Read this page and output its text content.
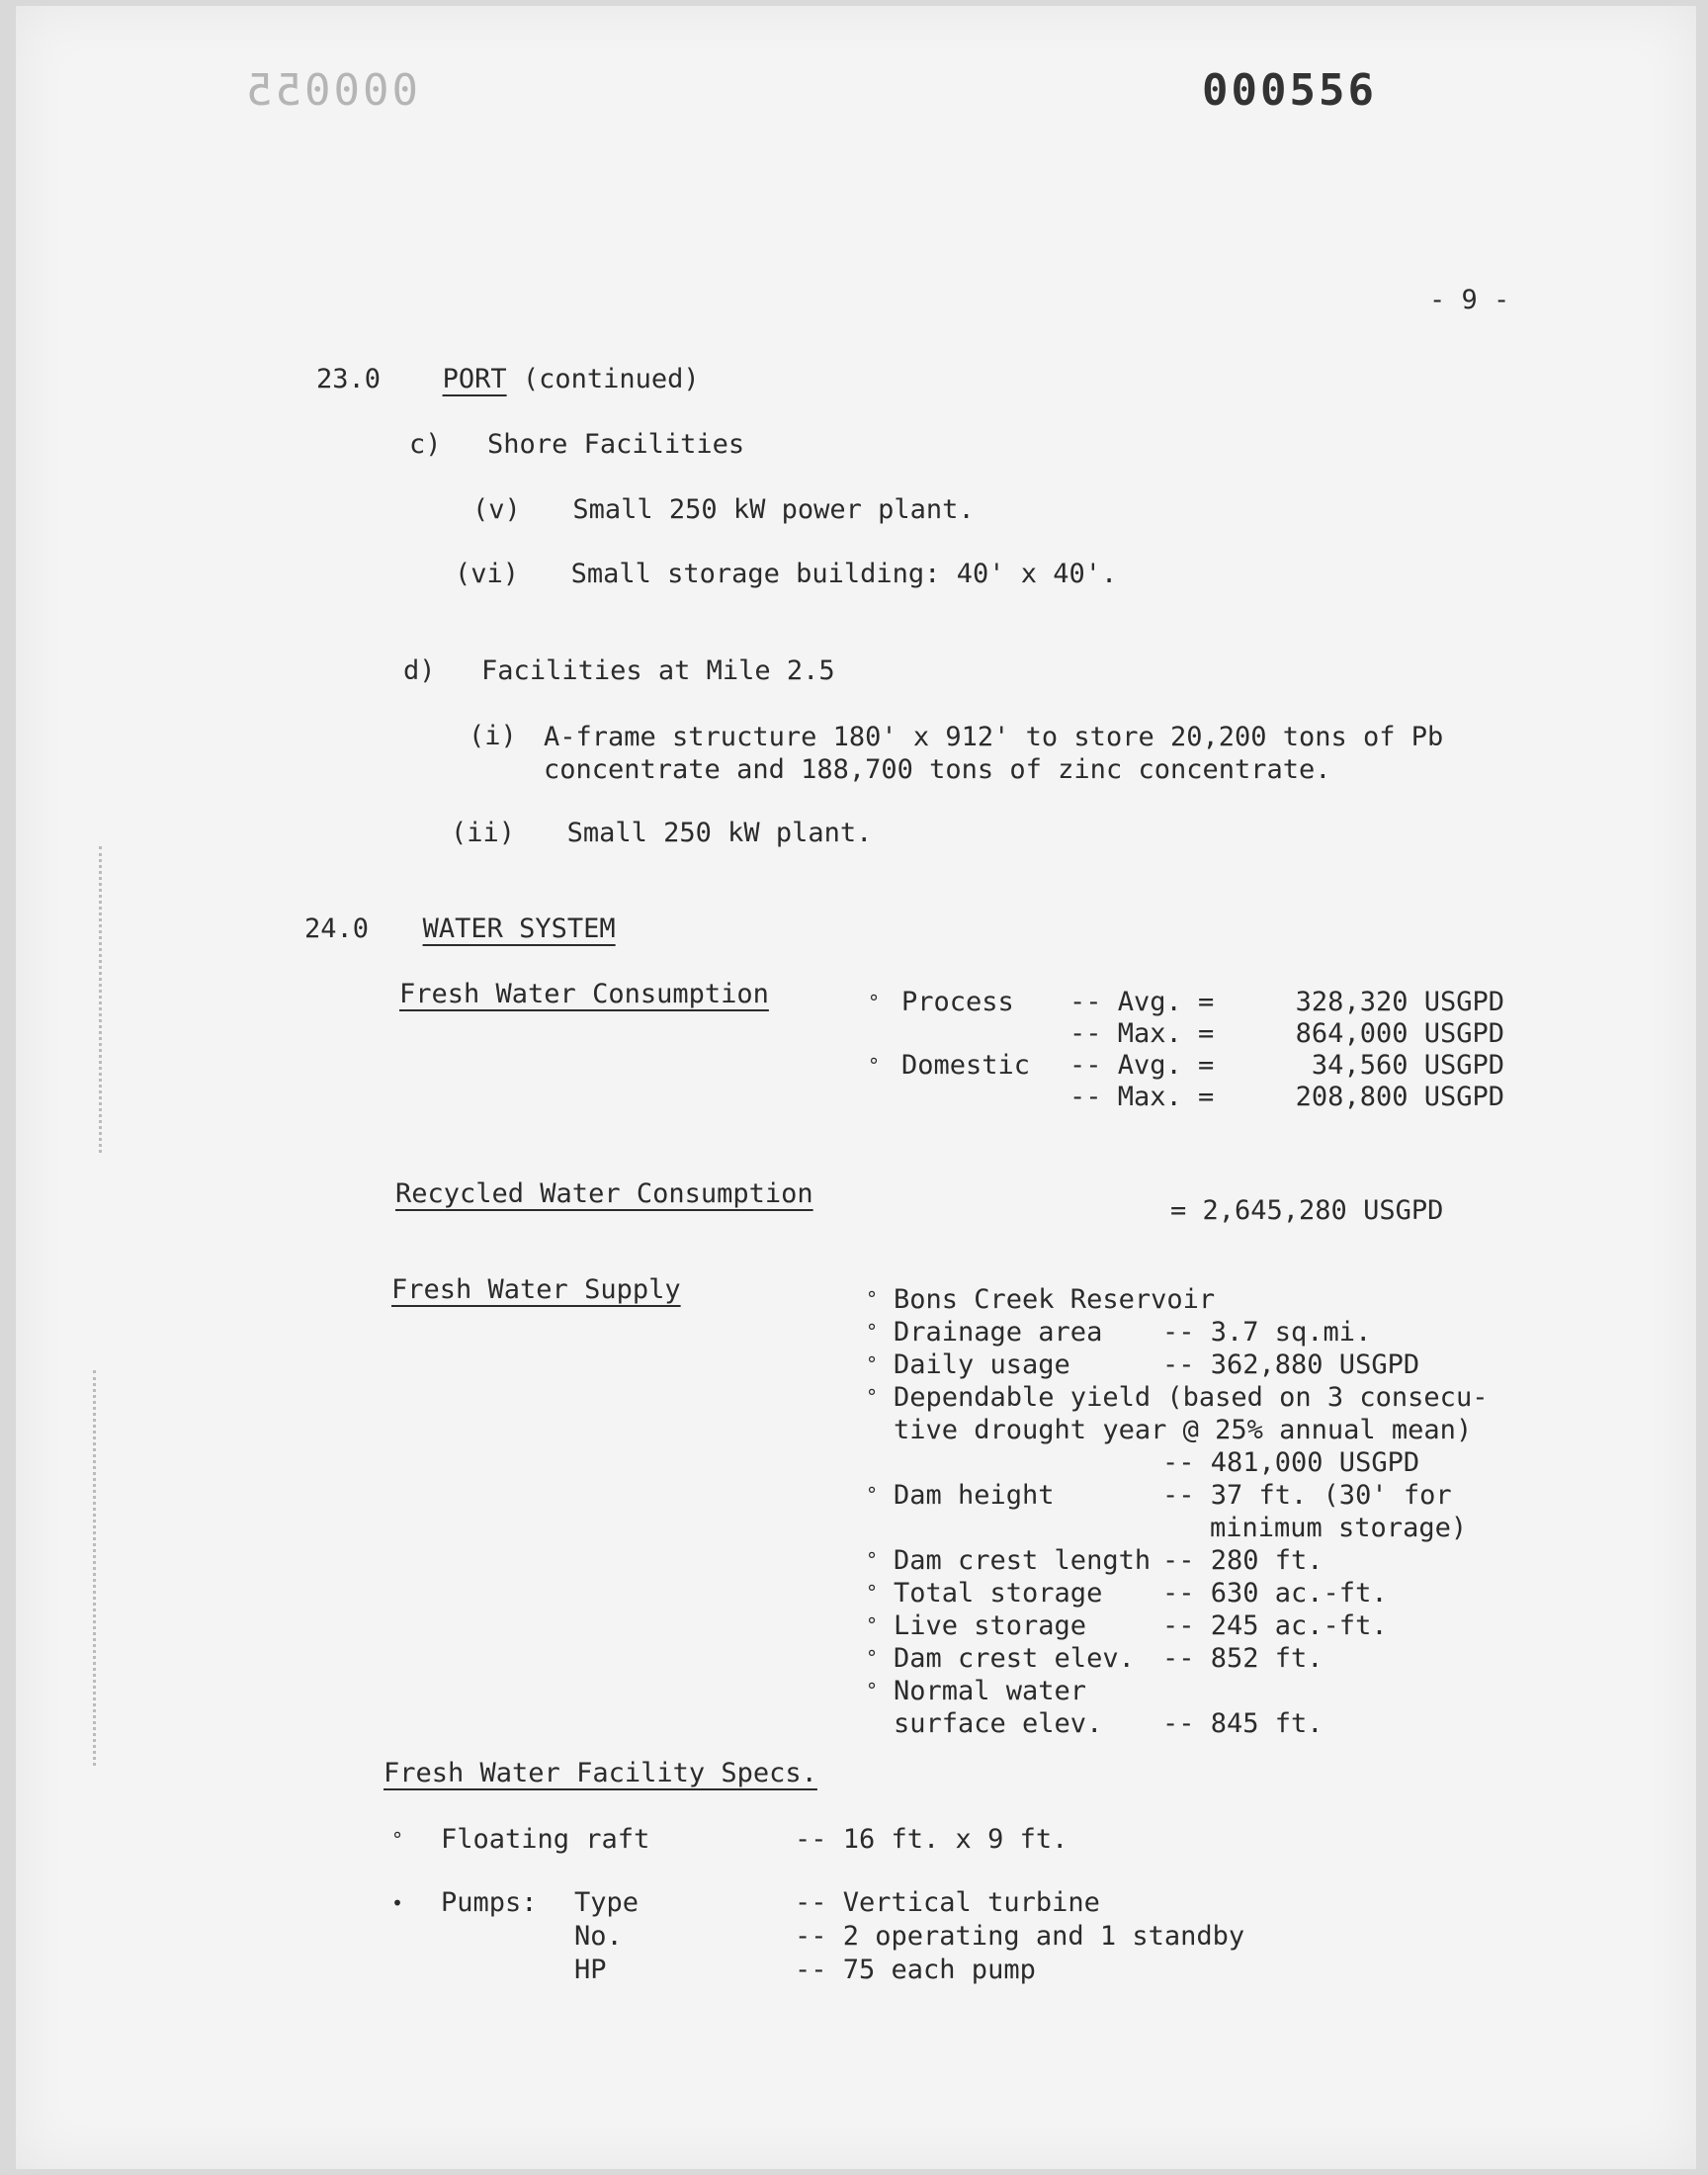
000055	000556
- 9 -
23.0 PORT (continued)
c) Shore Facilities
(v) Small 250 kW power plant.
(vi) Small storage building: 40' x 40'.
d) Facilities at Mile 2.5
(i) A-frame structure 180' x 912' to store 20,200 tons of Pb
concentrate and 188,700 tons of zinc concentrate.
(ii) Small 250 kW plant.
24.0 WATER SYSTEM
Fresh Water Consumption	° Process	-- Avg. =	328,320 USGPD
-- Max. =	864,000 USGPD
° Domestic	-- Avg. =	34,560 USGPD
-- Max. =	208,800 USGPD
Recycled Water Consumption
= 2,645,280 USGPD
Fresh Water Supply	° Bons Creek Reservoir
° Drainage area	-- 3.7 sq.mi.
° Daily usage	-- 362,880 USGPD
° Dependable yield (based on 3 consecu-
tive drought year @ 25% annual mean)
-- 481,000 USGPD
° Dam height	-- 37 ft. (30' for
minimum storage)
° Dam crest length -- 280 ft.
° Total storage	-- 630 ac.-ft.
° Live storage	-- 245 ac.-ft.
° Dam crest elev.	-- 852 ft.
° Normal water
surface elev.	-- 845 ft.
Fresh Water Facility Specs.
°	Floating raft	-- 16 ft. x 9 ft.
•	Pumps:	Type	-- Vertical turbine
No.	-- 2 operating and 1 standby
HP	-- 75 each pump
